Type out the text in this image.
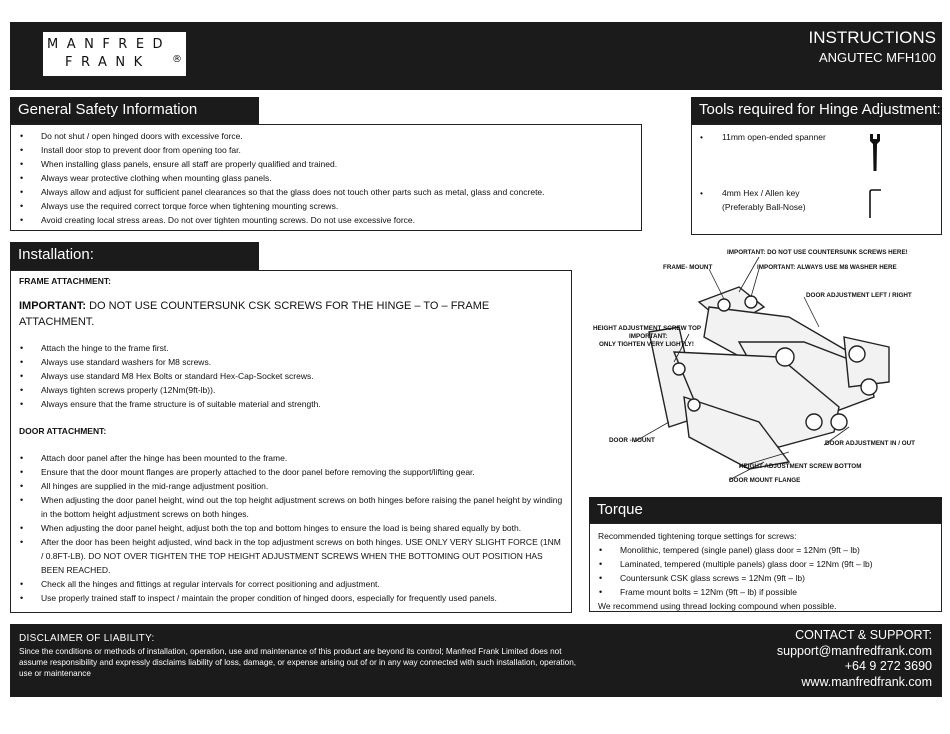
MANFRED
FRANK ®
INSTRUCTIONS
ANGUTEC MFH100
General Safety Information
• Do not shut / open hinged doors with excessive force.
• Install door stop to prevent door from opening too far.
• When installing glass panels, ensure all staff are properly qualified and trained.
• Always wear protective clothing when mounting glass panels.
• Always allow and adjust for sufficient panel clearances so that the glass does not touch other parts such as metal, glass and concrete.
• Always use the required correct torque force when tightening mounting screws.
• Avoid creating local stress areas. Do not over tighten mounting screws. Do not use excessive force.
Tools required for Hinge Adjustment:
• 11mm open-ended spanner
• 4mm Hex / Allen key
(Preferably Ball-Nose)
Installation:
FRAME ATTACHMENT:
IMPORTANT: DO NOT USE COUNTERSUNK CSK SCREWS FOR THE HINGE – TO – FRAME ATTACHMENT.
• Attach the hinge to the frame first.
• Always use standard washers for M8 screws.
• Always use standard M8 Hex Bolts or standard Hex-Cap-Socket screws.
• Always tighten screws properly (12Nm(9ft-lb)).
• Always ensure that the frame structure is of suitable material and strength.
DOOR ATTACHMENT:
• Attach door panel after the hinge has been mounted to the frame.
• Ensure that the door mount flanges are properly attached to the door panel before removing the support/lifting gear.
• All hinges are supplied in the mid-range adjustment position.
• When adjusting the door panel height, wind out the top height adjustment screws on both hinges before raising the panel height by winding in the bottom height adjustment screws on both hinges.
• When adjusting the door panel height, adjust both the top and bottom hinges to ensure the load is being shared equally by both.
• After the door has been height adjusted, wind back in the top adjustment screws on both hinges. USE ONLY VERY SLIGHT FORCE (1NM / 0.8FT-LB). DO NOT OVER TIGHTEN THE TOP HEIGHT ADJUSTMENT SCREWS WHEN THE BOTTOMING OUT POSITION HAS BEEN REACHED.
• Check all the hinges and fittings at regular intervals for correct positioning and adjustment.
• Use properly trained staff to inspect / maintain the proper condition of hinged doors, especially for frequently used panels.
IMPORTANT: DO NOT USE COUNTERSUNK SCREWS HERE!
FRAME- MOUNT	IMPORTANT: ALWAYS USE M8 WASHER HERE
DOOR ADJUSTMENT LEFT / RIGHT
HEIGHT ADJUSTMENT SCREW TOP
IMPORTANT:
ONLY TIGHTEN VERY LIGHTLY!
DOOR -MOUNT	DOOR ADJUSTMENT IN / OUT
HEIGHT ADJUSTMENT SCREW BOTTOM
DOOR MOUNT FLANGE
Torque
Recommended tightening torque settings for screws:
• Monolithic, tempered (single panel) glass door = 12Nm (9ft – lb)
• Laminated, tempered (multiple panels) glass door = 12Nm (9ft – lb)
• Countersunk CSK glass screws = 12Nm (9ft – lb)
• Frame mount bolts = 12Nm (9ft – lb) if possible
We recommend using thread locking compound when possible.
DISCLAIMER OF LIABILITY:
Since the conditions or methods of installation, operation, use and maintenance of this product are beyond its control; Manfred Frank Limited does not assume responsibility and expressly disclaims liability of loss, damage, or expense arising out of or in any way connected with such installation, operation, use or maintenance
CONTACT & SUPPORT:
support@manfredfrank.com
+64 9 272 3690
www.manfredfrank.com
